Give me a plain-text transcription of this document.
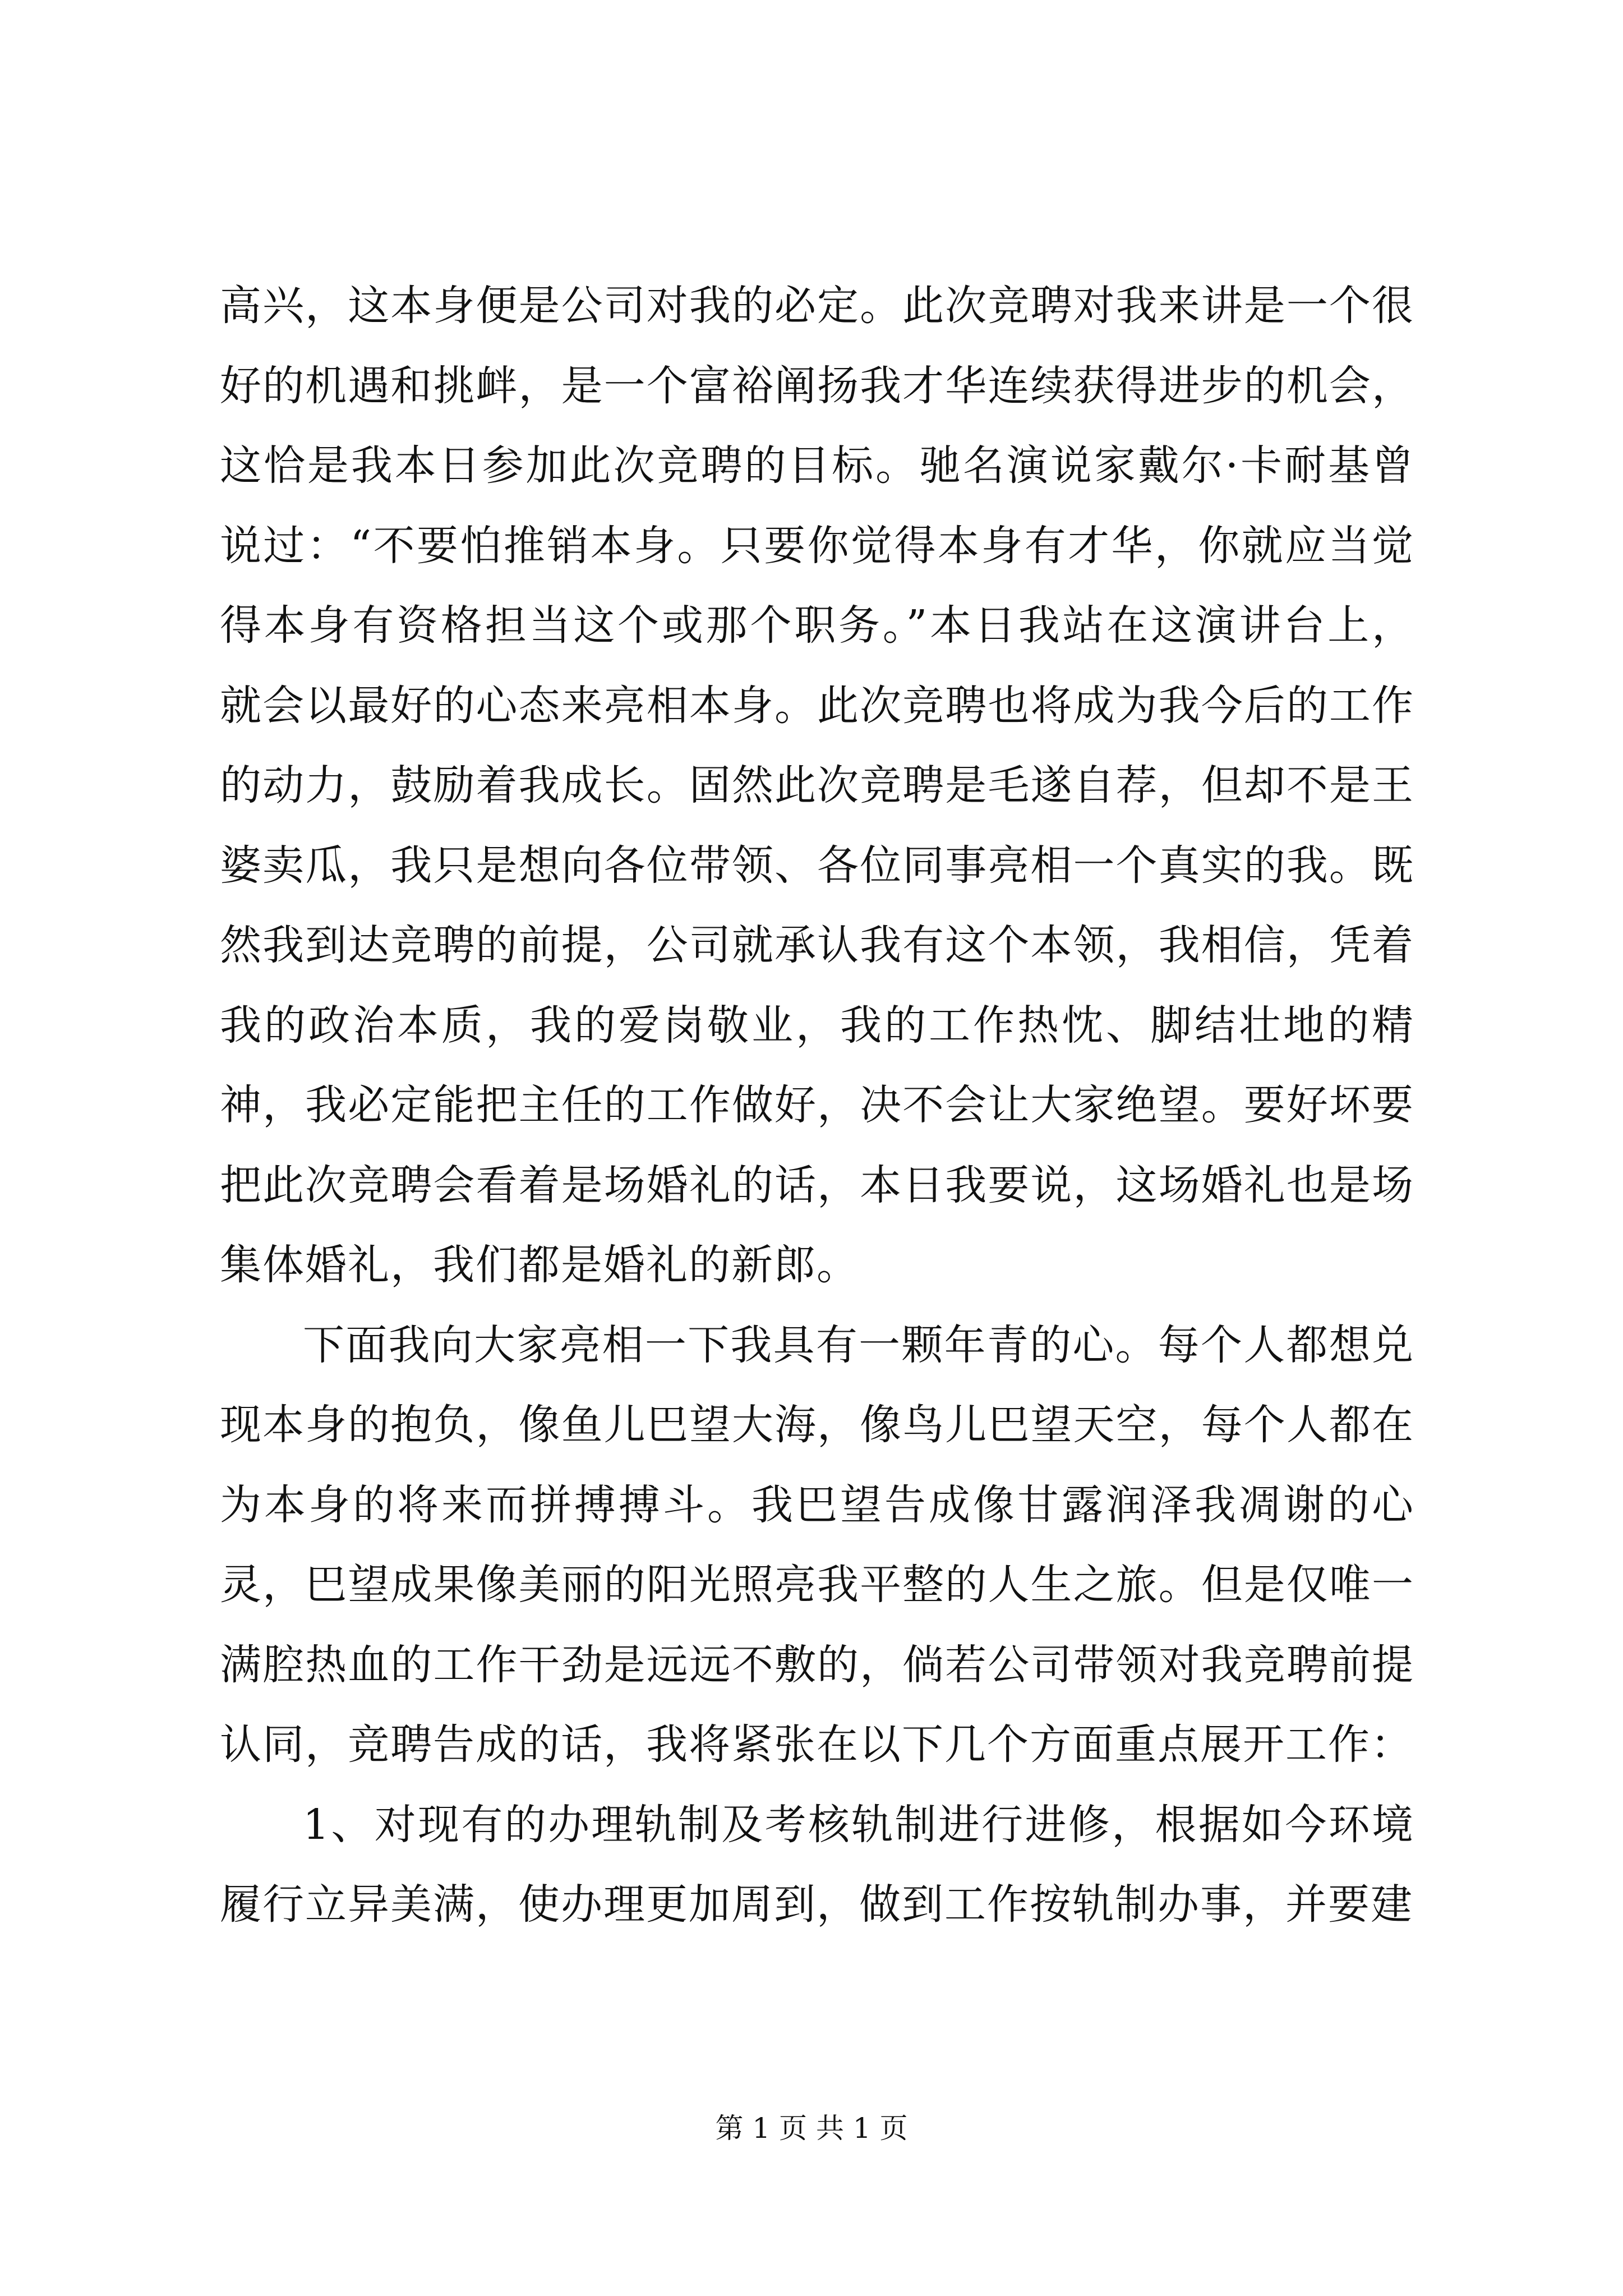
高兴，这本身便是公司对我的必定。此次竞聘对我来讲是一个很好的机遇和挑衅，是一个富裕阐扬我才华连续获得进步的机会，这恰是我本日参加此次竞聘的目标。驰名演说家戴尔·卡耐基曾说过：“不要怕推销本身。只要你觉得本身有才华，你就应当觉得本身有资格担当这个或那个职务。”本日我站在这演讲台上，就会以最好的心态来亮相本身。此次竞聘也将成为我今后的工作的动力，鼓励着我成长。固然此次竞聘是毛遂自荐，但却不是王婆卖瓜，我只是想向各位带领、各位同事亮相一个真实的我。既然我到达竞聘的前提，公司就承认我有这个本领，我相信，凭着我的政治本质，我的爱岗敬业，我的工作热忱、脚结壮地的精神，我必定能把主任的工作做好，决不会让大家绝望。要好坏要把此次竞聘会看着是场婚礼的话，本日我要说，这场婚礼也是场集体婚礼，我们都是婚礼的新郎。

下面我向大家亮相一下我具有一颗年青的心。每个人都想兑现本身的抱负，像鱼儿巴望大海，像鸟儿巴望天空，每个人都在为本身的将来而拼搏搏斗。我巴望告成像甘露润泽我凋谢的心灵，巴望成果像美丽的阳光照亮我平整的人生之旅。但是仅唯一满腔热血的工作干劲是远远不敷的，倘若公司带领对我竞聘前提认同，竞聘告成的话，我将紧张在以下几个方面重点展开工作：

1、对现有的办理轨制及考核轨制进行进修，根据如今环境履行立异美满，使办理更加周到，做到工作按轨制办事，并要建

第 1 页 共 1 页
